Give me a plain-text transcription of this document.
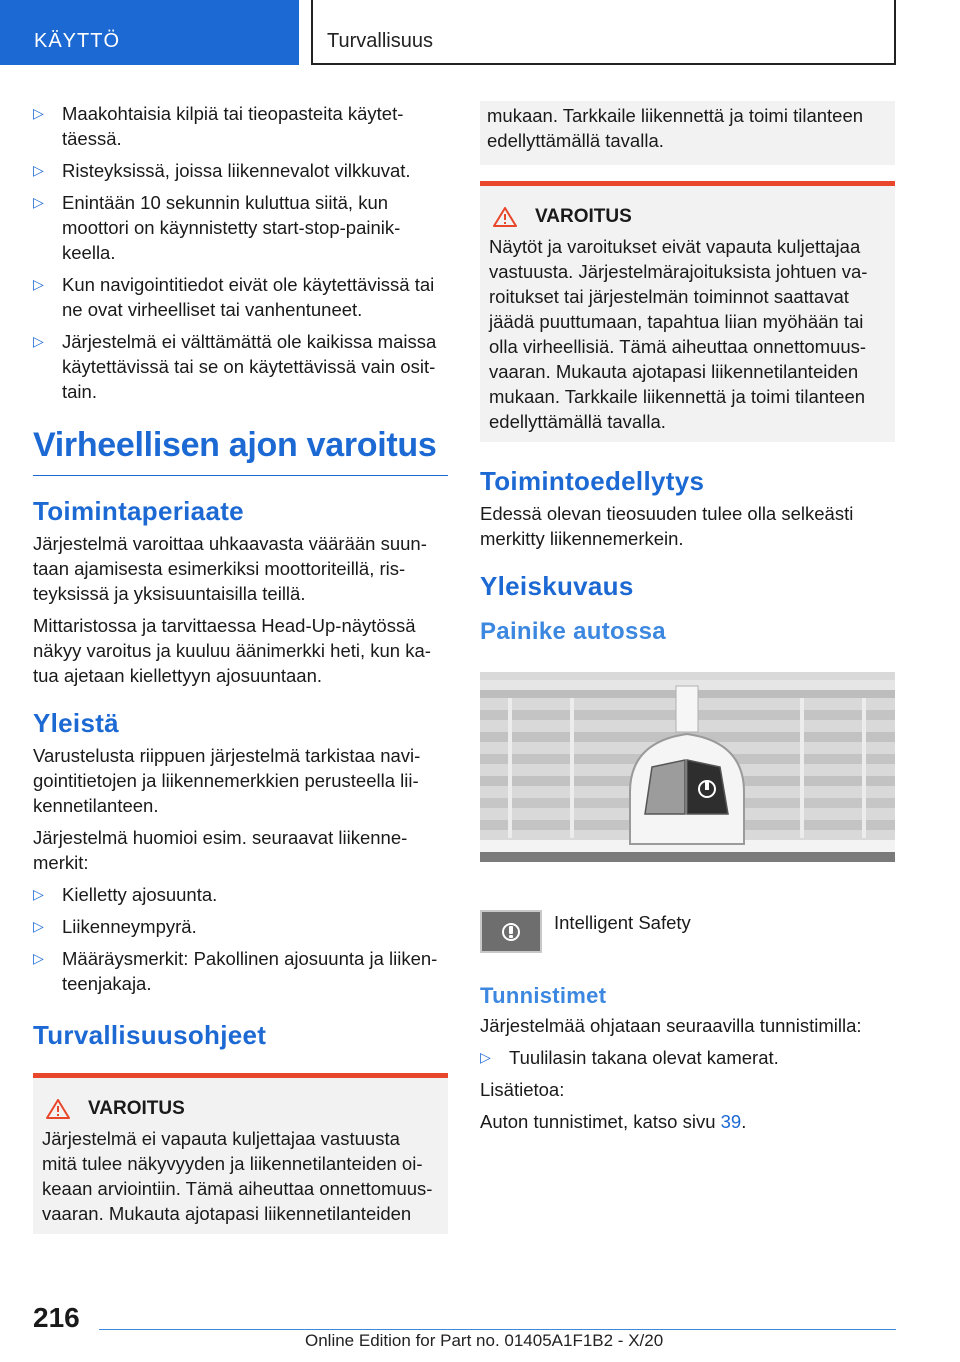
KÄYTTÖ	Turvallisuus
▷ Maakohtaisia kilpiä tai tieopasteita käytet-täessä.
▷ Risteyksissä, joissa liikennevalot vilkkuvat.
▷ Enintään 10 sekunnin kuluttua siitä, kun moottori on käynnistetty start-stop-painik-keella.
▷ Kun navigointitiedot eivät ole käytettävissä tai ne ovat virheelliset tai vanhentuneet.
▷ Järjestelmä ei välttämättä ole kaikissa maissa käytettävissä tai se on käytettävissä vain osit-tain.
Virheellisen ajon varoitus
Toimintaperiaate

Järjestelmä varoittaa uhkaavasta väärään suun-taan ajamisesta esimerkiksi moottoriteillä, ris-teyksissä ja yksisuuntaisilla teillä.

Mittaristossa ja tarvittaessa Head-Up-näytössä näkyy varoitus ja kuuluu äänimerkki heti, kun ka-tua ajetaan kiellettyyn ajosuuntaan.

Yleistä

Varustelusta riippuen järjestelmä tarkistaa navi-gointitietojen ja liikennemerkkien perusteella lii-kennetilanteen.

Järjestelmä huomioi esim. seuraavat liikenne-merkit:

▷ Kielletty ajosuunta.
▷ Liikenneympyrä.
▷ Määräysmerkit: Pakollinen ajosuunta ja liiken-teenjakaja.
Turvallisuusohjeet
VAROITUS

Järjestelmä ei vapauta kuljettajaa vastuusta mitä tulee näkyvyyden ja liikennetilanteiden oi-keaan arviointiin. Tämä aiheuttaa onnettomuus-vaaran. Mukauta ajotapasi liikennetilanteiden

mukaan. Tarkkaile liikennettä ja toimi tilanteen edellyttämällä tavalla.

VAROITUS

Näytöt ja varoitukset eivät vapauta kuljettajaa vastuusta. Järjestelmärajoituksista johtuen va-roitukset tai järjestelmän toiminnot saattavat jäädä puuttumaan, tapahtua liian myöhään tai olla virheellisiä. Tämä aiheuttaa onnettomuus-vaaran. Mukauta ajotapasi liikennetilanteiden mukaan. Tarkkaile liikennettä ja toimi tilanteen edellyttämällä tavalla.

Toimintoedellytys

Edessä olevan tieosuuden tulee olla selkeästi merkitty liikennemerkein.

Yleiskuvaus
Painike autossa
Intelligent Safety
Tunnistimet

Järjestelmää ohjataan seuraavilla tunnistimilla:

▷ Tuulilasin takana olevat kamerat.

Lisätietoa:

Auton tunnistimet, katso sivu 39.

216
Online Edition for Part no. 01405A1F1B2 - X/20
